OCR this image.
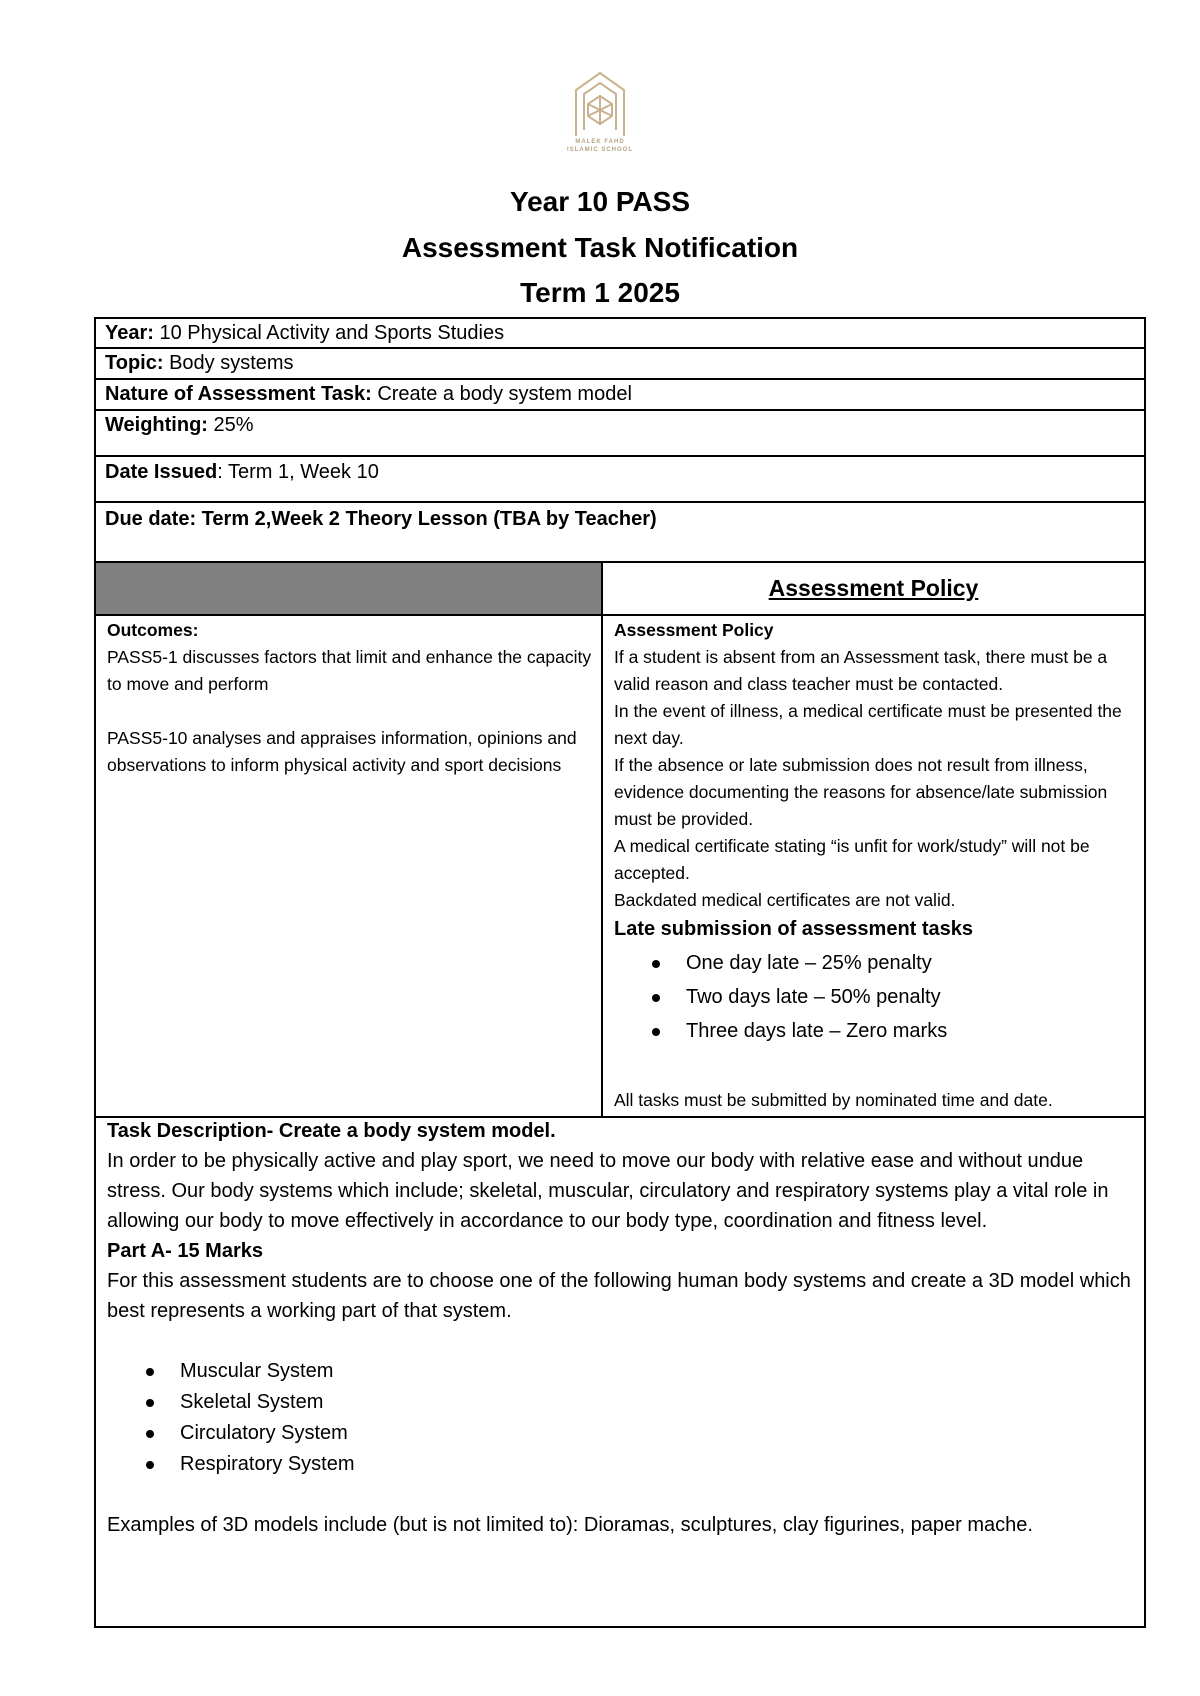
MALEK FAHD
ISLAMIC SCHOOL
Year 10 PASS
Assessment Task Notification
Term 1 2025
Year: 10 Physical Activity and Sports Studies
Topic: Body systems
Nature of Assessment Task: Create a body system model
Weighting: 25%
Date Issued: Term 1, Week 10
Due date: Term 2,Week 2 Theory Lesson (TBA by Teacher)
Assessment Policy

Outcomes:

PASS5-1 discusses factors that limit and enhance the capacity to move and perform

PASS5-10 analyses and appraises information, opinions and observations to inform physical activity and sport decisions

Assessment Policy

If a student is absent from an Assessment task, there must be a valid reason and class teacher must be contacted.

In the event of illness, a medical certificate must be presented the next day.

If the absence or late submission does not result from illness, evidence documenting the reasons for absence/late submission must be provided.

A medical certificate stating “is unfit for work/study” will not be accepted.

Backdated medical certificates are not valid.

Late submission of assessment tasks

One day late – 25% penalty
Two days late – 50% penalty
Three days late – Zero marks
All tasks must be submitted by nominated time and date.

Task Description- Create a body system model.

In order to be physically active and play sport, we need to move our body with relative ease and without undue stress. Our body systems which include; skeletal, muscular, circulatory and respiratory systems play a vital role in allowing our body to move effectively in accordance to our body type, coordination and fitness level.

Part A- 15 Marks

For this assessment students are to choose one of the following human body systems and create a 3D model which best represents a working part of that system.

Muscular System
Skeletal System
Circulatory System
Respiratory System

Examples of 3D models include (but is not limited to): Dioramas, sculptures, clay figurines, paper mache.
